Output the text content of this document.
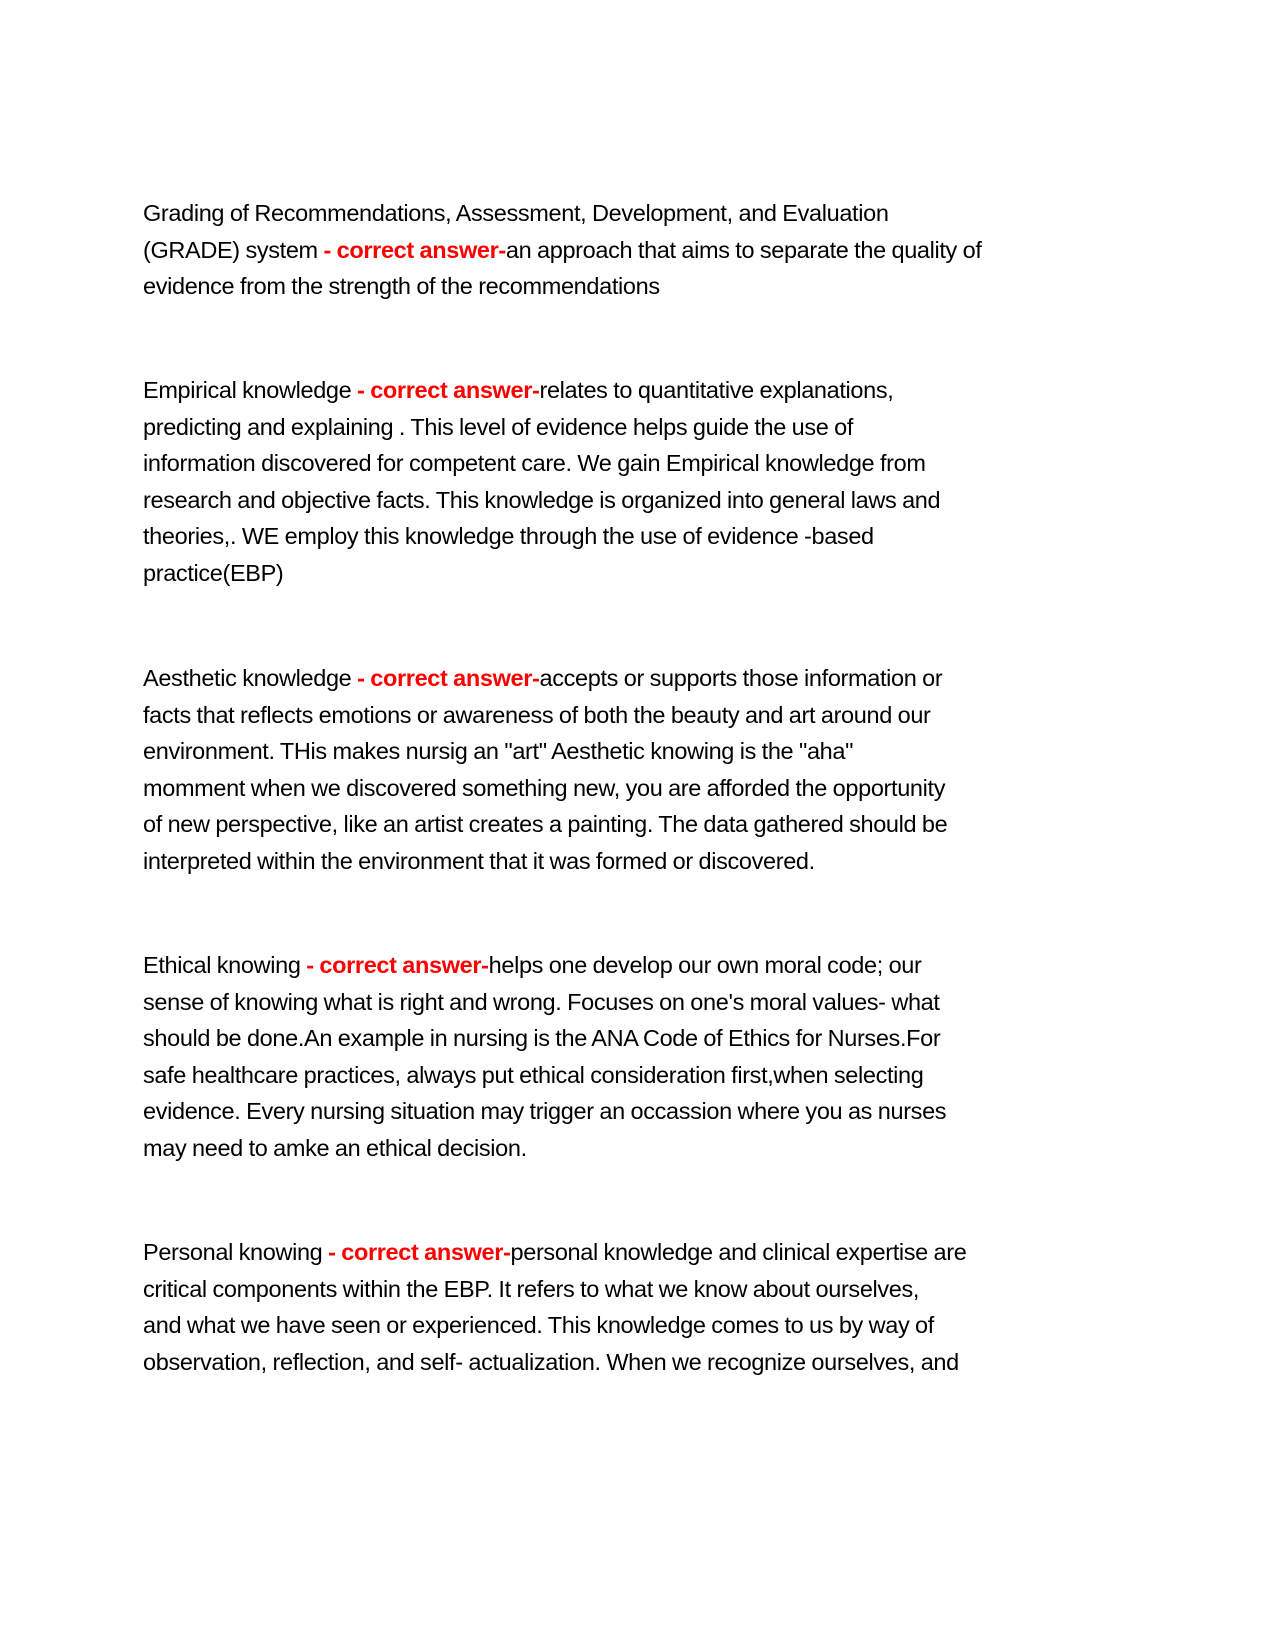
Grading of Recommendations, Assessment, Development, and Evaluation
(GRADE) system - correct answer-an approach that aims to separate the quality of
evidence from the strength of the recommendations
Empirical knowledge - correct answer-relates to quantitative explanations,
predicting and explaining . This level of evidence helps guide the use of
information discovered for competent care. We gain Empirical knowledge from
research and objective facts. This knowledge is organized into general laws and
theories,. WE employ this knowledge through the use of evidence -based
practice(EBP)
Aesthetic knowledge - correct answer-accepts or supports those information or
facts that reflects emotions or awareness of both the beauty and art around our
environment. THis makes nursig an "art" Aesthetic knowing is the "aha"
momment when we discovered something new, you are afforded the opportunity
of new perspective, like an artist creates a painting. The data gathered should be
interpreted within the environment that it was formed or discovered.
Ethical knowing - correct answer-helps one develop our own moral code; our
sense of knowing what is right and wrong. Focuses on one's moral values- what
should be done.An example in nursing is the ANA Code of Ethics for Nurses.For
safe healthcare practices, always put ethical consideration first,when selecting
evidence. Every nursing situation may trigger an occassion where you as nurses
may need to amke an ethical decision.
Personal knowing - correct answer-personal knowledge and clinical expertise are
critical components within the EBP. It refers to what we know about ourselves,
and what we have seen or experienced. This knowledge comes to us by way of
observation, reflection, and self- actualization. When we recognize ourselves, and
